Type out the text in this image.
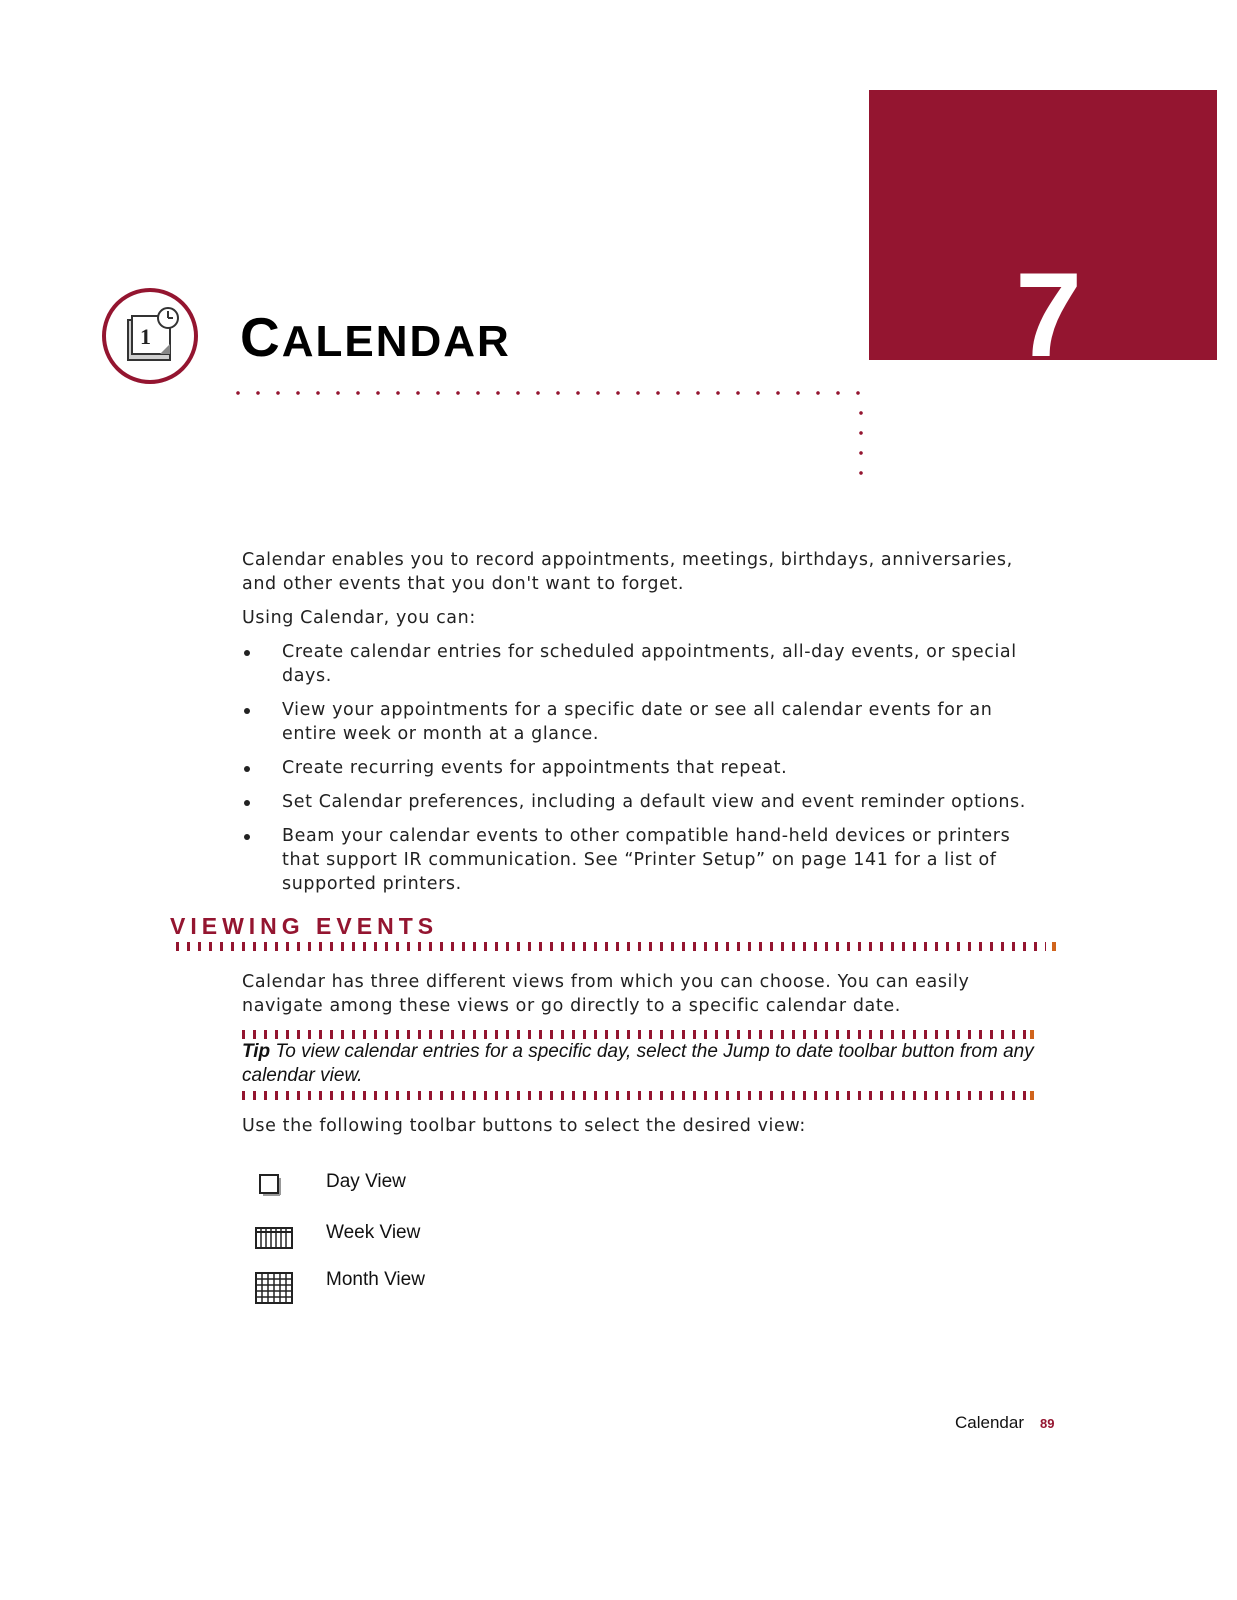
7
1 CALENDAR

Calendar enables you to record appointments, meetings, birthdays, anniversaries, and other events that you don't want to forget.

Using Calendar, you can:

Create calendar entries for scheduled appointments, all-day events, or special days.
View your appointments for a specific date or see all calendar events for an entire week or month at a glance.
Create recurring events for appointments that repeat.
Set Calendar preferences, including a default view and event reminder options.
Beam your calendar events to other compatible hand-held devices or printers that support IR communication. See “Printer Setup” on page 141 for a list of supported printers.
VIEWING EVENTS
Calendar has three different views from which you can choose. You can easily navigate among these views or go directly to a specific calendar date.
Tip To view calendar entries for a specific day, select the Jump to date toolbar button from any calendar view.
Use the following toolbar buttons to select the desired view:
Day View
Week View
Month View
Calendar 89
